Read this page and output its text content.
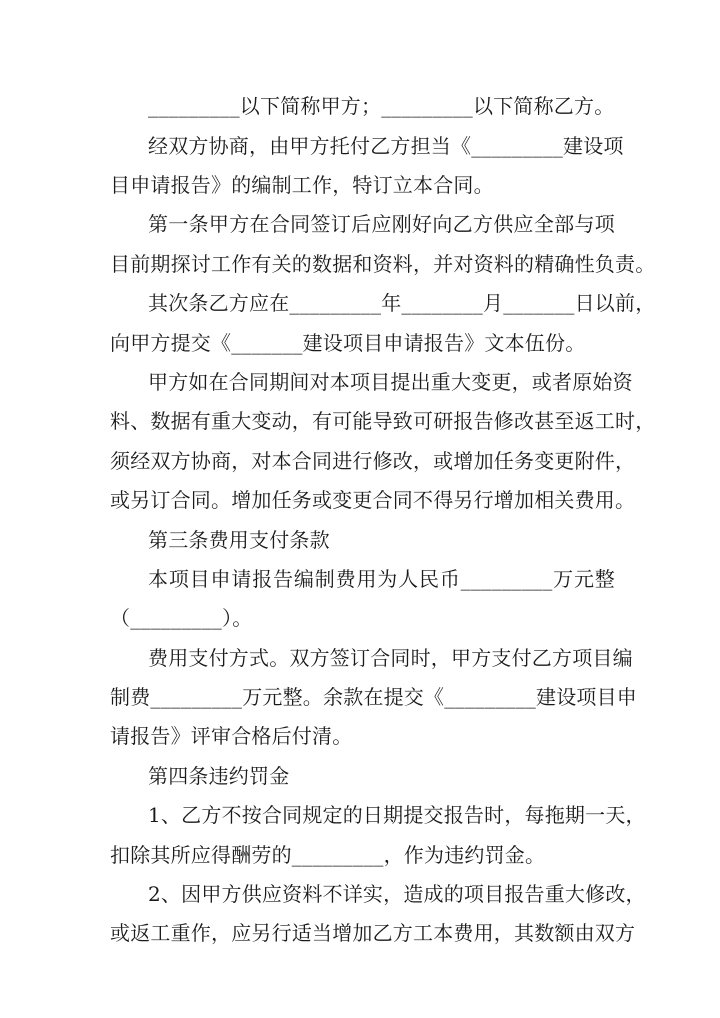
_________以下简称甲方；_________以下简称乙方。
经双方协商，由甲方托付乙方担当《_________建设项
目申请报告》的编制工作，特订立本合同。
第一条甲方在合同签订后应刚好向乙方供应全部与项
目前期探讨工作有关的数据和资料，并对资料的精确性负责。
其次条乙方应在_________年________月_______日以前，
向甲方提交《_______建设项目申请报告》文本伍份。
甲方如在合同期间对本项目提出重大变更，或者原始资
料、数据有重大变动，有可能导致可研报告修改甚至返工时，
须经双方协商，对本合同进行修改，或增加任务变更附件，
或另订合同。增加任务或变更合同不得另行增加相关费用。
第三条费用支付条款
本项目申请报告编制费用为人民币_________万元整
（_________）。
费用支付方式。双方签订合同时，甲方支付乙方项目编
制费_________万元整。余款在提交《_________建设项目申
请报告》评审合格后付清。
第四条违约罚金
1、乙方不按合同规定的日期提交报告时，每拖期一天，
扣除其所应得酬劳的_________，作为违约罚金。
2、因甲方供应资料不详实，造成的项目报告重大修改，
或返工重作，应另行适当增加乙方工本费用，其数额由双方
